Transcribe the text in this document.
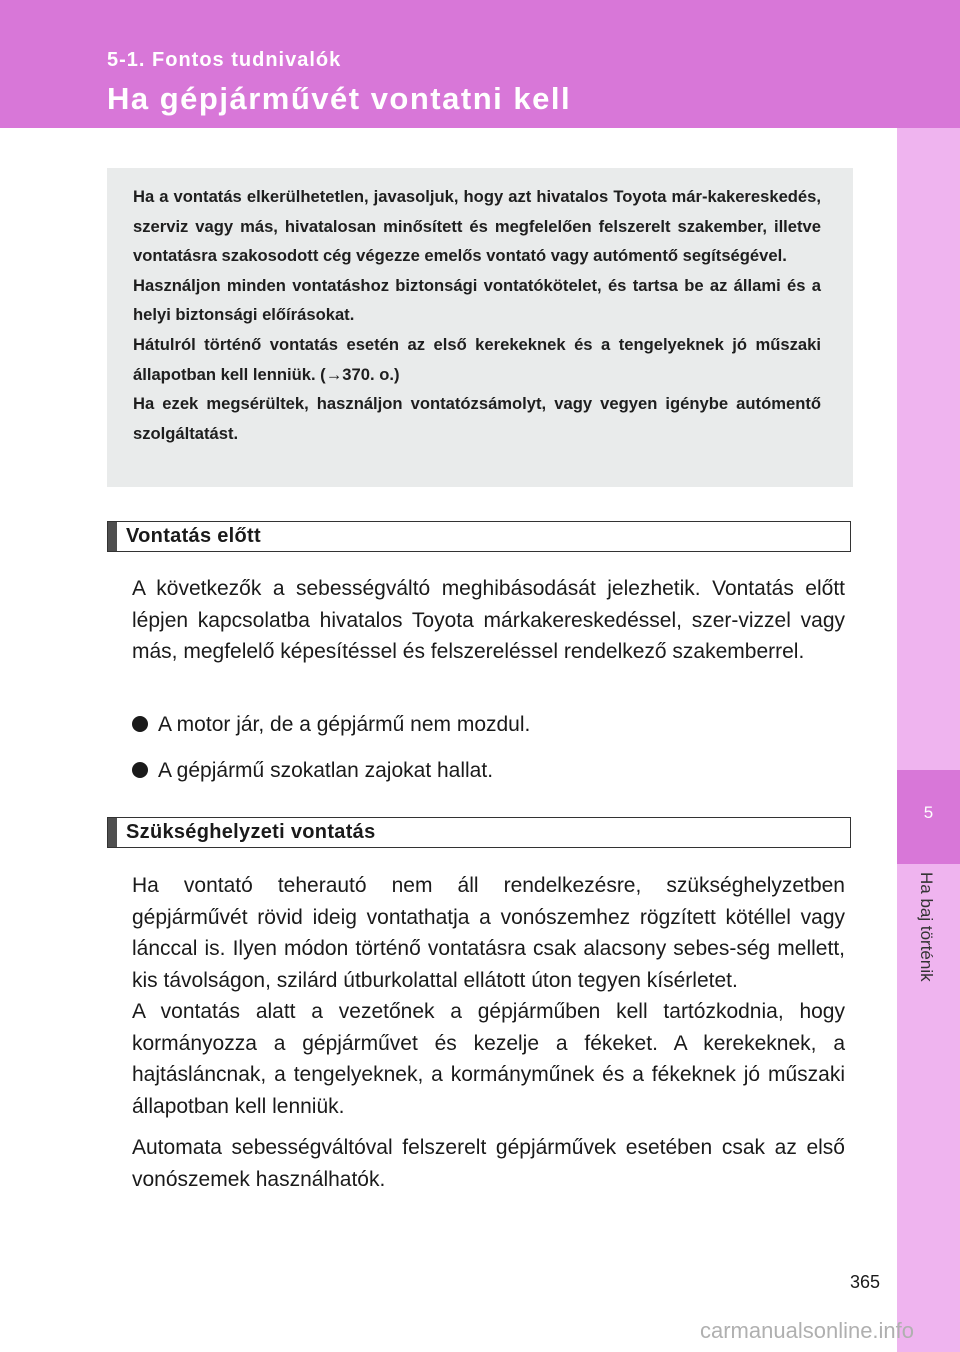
5-1. Fontos tudnivalók
Ha gépjárművét vontatni kell
5
Ha baj történik

Ha a vontatás elkerülhetetlen, javasoljuk, hogy azt hivatalos Toyota már-kakereskedés, szerviz vagy más, hivatalosan minősített és megfelelően felszerelt szakember, illetve vontatásra szakosodott cég végezze emelős vontató vagy autómentő segítségével.

Használjon minden vontatáshoz biztonsági vontatókötelet, és tartsa be az állami és a helyi biztonsági előírásokat.

Hátulról történő vontatás esetén az első kerekeknek és a tengelyeknek jó műszaki állapotban kell lenniük. (→370. o.)

Ha ezek megsérültek, használjon vontatózsámolyt, vagy vegyen igénybe autómentő szolgáltatást.

Vontatás előtt

A következők a sebességváltó meghibásodását jelezhetik. Vontatás előtt lépjen kapcsolatba hivatalos Toyota márkakereskedéssel, szer-vizzel vagy más, megfelelő képesítéssel és felszereléssel rendelkező szakemberrel.

A motor jár, de a gépjármű nem mozdul.
A gépjármű szokatlan zajokat hallat.
Szükséghelyzeti vontatás

Ha vontató teherautó nem áll rendelkezésre, szükséghelyzetben gépjárművét rövid ideig vontathatja a vonószemhez rögzített kötéllel vagy lánccal is. Ilyen módon történő vontatásra csak alacsony sebes-ség mellett, kis távolságon, szilárd útburkolattal ellátott úton tegyen kísérletet.

A vontatás alatt a vezetőnek a gépjárműben kell tartózkodnia, hogy kormányozza a gépjárművet és kezelje a fékeket. A kerekeknek, a hajtásláncnak, a tengelyeknek, a kormányműnek és a fékeknek jó műszaki állapotban kell lenniük.

Automata sebességváltóval felszerelt gépjárművek esetében csak az első vonószemek használhatók.

365
carmanualsonline.info
